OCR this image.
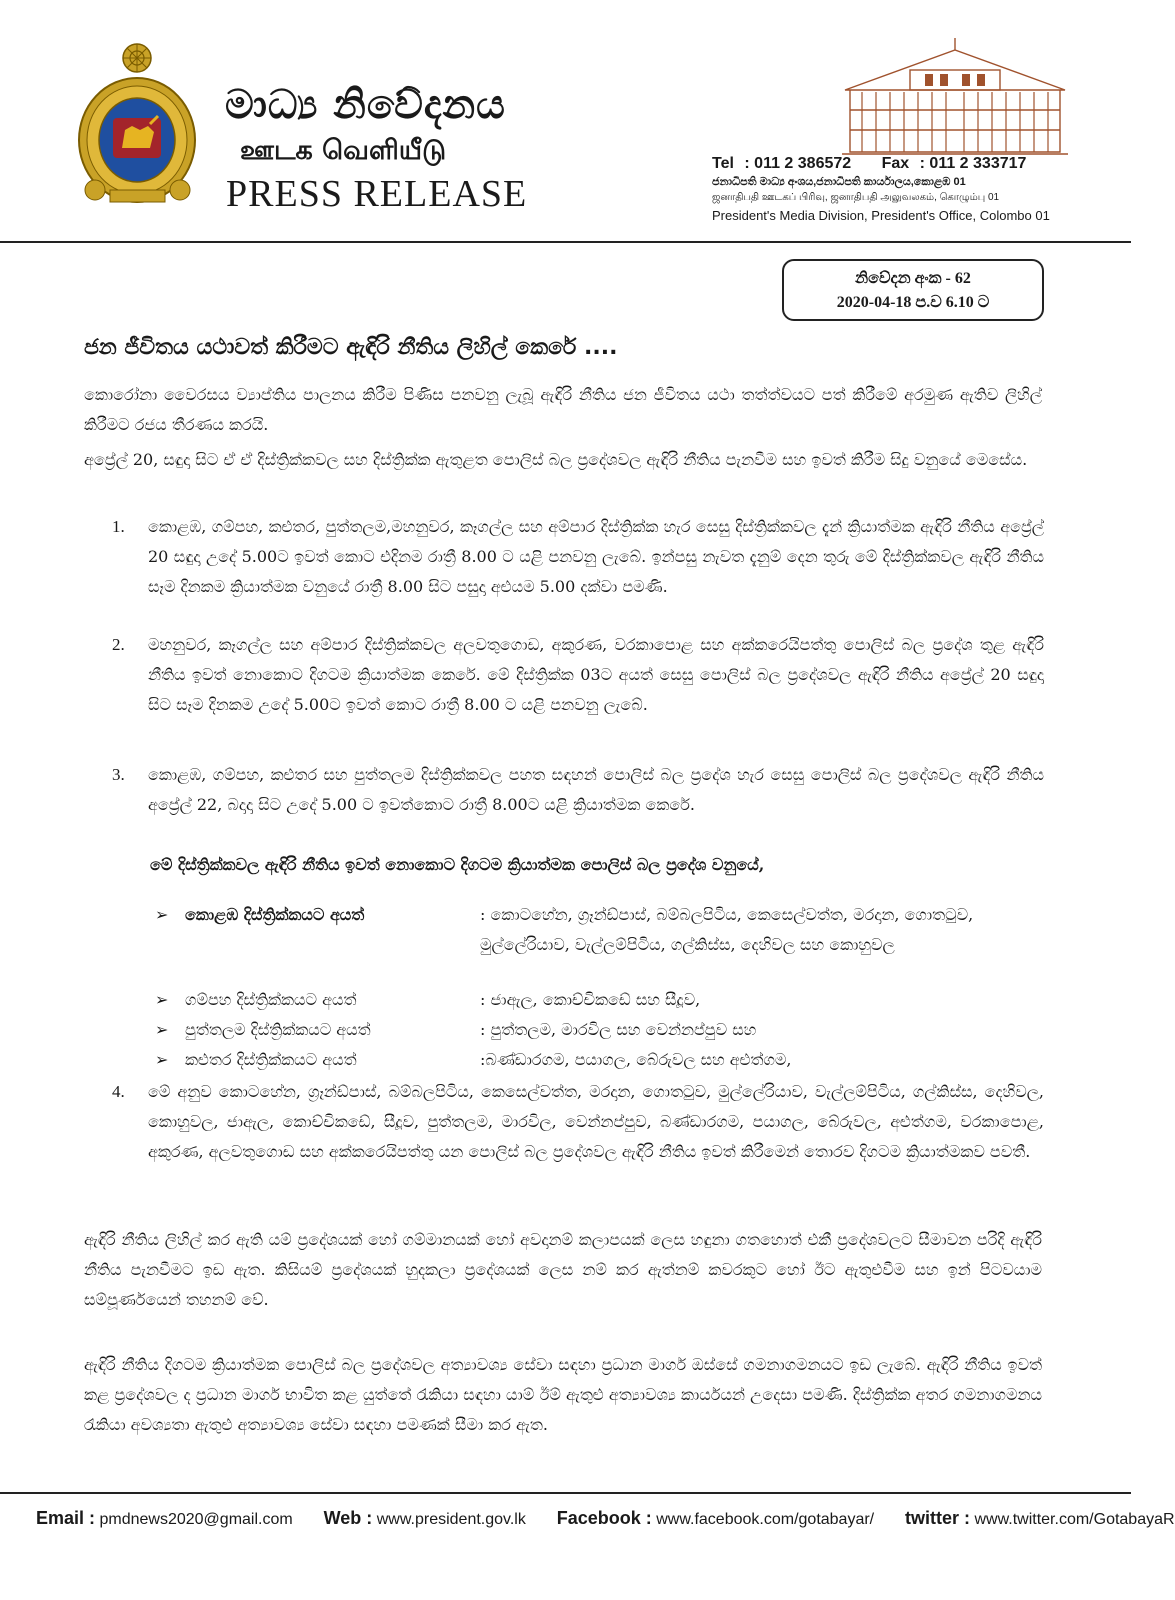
මාධ්‍ය නිවේදනය
ஊடக வெளியீடு
PRESS RELEASE
Tel : 011 2 386572 Fax : 011 2 333717
ජනාධිපති මාධ්‍ය අංශය,ජනාධිපති කාර්යාලය,කොළඹ 01
ஜனாதிபதி ஊடகப் பிரிவு, ஜனாதிபதி அலுவலகம், கொழும்பு 01
President's Media Division, President's Office, Colombo 01
නිවේදන අංක - 62
2020-04-18 ප.ව 6.10 ට
ජන ජීවිතය යථාවත් කිරීමට ඇඳිරි නීතිය ලිහිල් කෙරේ ....
කොරෝනා වෛරසය ව්‍යාප්තිය පාලනය කිරීම පිණිස පනවනු ලැබූ ඇඳිරි නීතිය ජන ජීවිතය යථා තත්ත්වයට පත් කිරීමේ අරමුණ ඇතිව ලිහිල් කිරීමට රජය තීරණය කරයි.
අප්‍රේල් 20, සඳුදා සිට ඒ ඒ දිස්ත්‍රික්කවල සහ දිස්ත්‍රික්ක ඇතුළත පොලිස් බල ප්‍රදේශවල ඇඳිරි නීතිය පැනවීම සහ ඉවත් කිරීම සිදු වනුයේ මෙසේය.
1. කොළඹ, ගම්පහ, කළුතර, පුත්තලම,මහනුවර, කෑගල්ල සහ අම්පාර දිස්ත්‍රික්ක හැර සෙසු දිස්ත්‍රික්කවල දැන් ක්‍රියාත්මක ඇඳිරි නීතිය අප්‍රේල් 20 සඳුදා උදේ 5.00ට ඉවත් කොට එදිනම රාත්‍රී 8.00 ට යළි පනවනු ලැබේ. ඉන්පසු නැවත දැනුම් දෙන තුරු මේ දිස්ත්‍රික්කවල ඇඳිරි නීතිය සෑම දිනකම ක්‍රියාත්මක වනුයේ රාත්‍රී 8.00 සිට පසුදා අළුයම 5.00 දක්වා පමණි.
2. මහනුවර, කෑගල්ල සහ අම්පාර දිස්ත්‍රික්කවල අලවතුගොඩ, අකුරණ, වරකාපොළ සහ අක්කරෙයිපත්තු පොලිස් බල ප්‍රදේශ තුළ ඇඳිරි නීතිය ඉවත් නොකොට දිගටම ක්‍රියාත්මක කෙරේ. මේ දිස්ත්‍රික්ක 03ට අයත් සෙසු පොලිස් බල ප්‍රදේශවල ඇඳිරි නීතිය අප්‍රේල් 20 සඳුදා සිට සෑම දිනකම උදේ 5.00ට ඉවත් කොට රාත්‍රී 8.00 ට යළි පනවනු ලැබේ.
3. කොළඹ, ගම්පහ, කළුතර සහ පුත්තලම දිස්ත්‍රික්කවල පහත සඳහන් පොලිස් බල ප්‍රදේශ හැර සෙසු පොලිස් බල ප්‍රදේශවල ඇඳිරි නීතිය අප්‍රේල් 22, බදාදා සිට උදේ 5.00 ට ඉවත්කොට රාත්‍රී 8.00ට යළි ක්‍රියාත්මක කෙරේ.
මේ දිස්ත්‍රික්කවල ඇඳිරි නීතිය ඉවත් නොකොට දිගටම ක්‍රියාත්මක පොලිස් බල ප්‍රදේශ වනුයේ,
➢ කොළඹ දිස්ත්‍රික්කයට අයත්	: කොටහේන, ග්‍රෑන්ඩ්පාස්, බම්බලපිටිය, කෙසෙල්වත්ත, මරදාන, ගොතටුව, මුල්ලේරියාව, වැල්ලම්පිටිය, ගල්කිස්ස, දෙහිවල සහ කොහුවල
➢ ගම්පහ දිස්ත්‍රික්කයට අයත්	: ජාඇල, කොච්චිකඩේ සහ සීදූව,
➢ පුත්තලම දිස්ත්‍රික්කයට අයත්	: පුත්තලම, මාරවිල සහ වෙන්නප්පුව සහ
➢ කළුතර දිස්ත්‍රික්කයට අයත්	:බණ්ඩාරගම, පයාගල, බේරුවල සහ අළුත්ගම,
4. මේ අනුව කොටහේන, ග්‍රෑන්ඩ්පාස්, බම්බලපිටිය, කෙසෙල්වත්ත, මරදාන, ගොතටුව, මුල්ලේරියාව, වැල්ලම්පිටිය, ගල්කිස්ස, දෙහිවල, කොහුවල, ජාඇල, කොච්චිකඩේ, සීදූව, පුත්තලම, මාරවිල, වෙන්නප්පුව, බණ්ඩාරගම, පයාගල, බේරුවල, අළුත්ගම, වරකාපොළ, අකුරණ, අලවතුගොඩ සහ අක්කරෙයිපත්තු යන පොලිස් බල ප්‍රදේශවල ඇඳිරි නීතිය ඉවත් කිරීමෙන් තොරව දිගටම ක්‍රියාත්මකව පවතී.
ඇඳිරි නීතිය ලිහිල් කර ඇති යම් ප්‍රදේශයක් හෝ ගම්මානයක් හෝ අවදානම් කලාපයක් ලෙස හඳුනා ගතහොත් එකී ප්‍රදේශවලට සීමාවන පරිදි ඇඳිරි නීතිය පැනවීමට ඉඩ ඇත. කිසියම් ප්‍රදේශයක් හුදකලා ප්‍රදේශයක් ලෙස නම් කර ඇත්නම් කවරකුට හෝ ඊට ඇතුළුවීම සහ ඉන් පිටවයාම සම්පූර්ණයෙන් තහනම් වේ.
ඇඳිරි නීතිය දිගටම ක්‍රියාත්මක පොලිස් බල ප්‍රදේශවල අත්‍යාවශ්‍ය සේවා සඳහා ප්‍රධාන මාර්ග ඔස්සේ ගමනාගමනයට ඉඩ ලැබේ. ඇඳිරි නීතිය ඉවත් කළ ප්‍රදේශවල ද ප්‍රධාන මාර්ග භාවිත කළ යුත්තේ රැකියා සඳහා යාම් ඊම් ඇතුළු අත්‍යාවශ්‍ය කාර්යයන් උදෙසා පමණි. දිස්ත්‍රික්ක අතර ගමනාගමනය රැකියා අවශ්‍යතා ඇතුළු අත්‍යාවශ්‍ය සේවා සඳහා පමණක් සීමා කර ඇත.
Email : pmdnews2020@gmail.com Web : www.president.gov.lk Facebook : www.facebook.com/gotabayar/ twitter : www.twitter.com/GotabayaR
